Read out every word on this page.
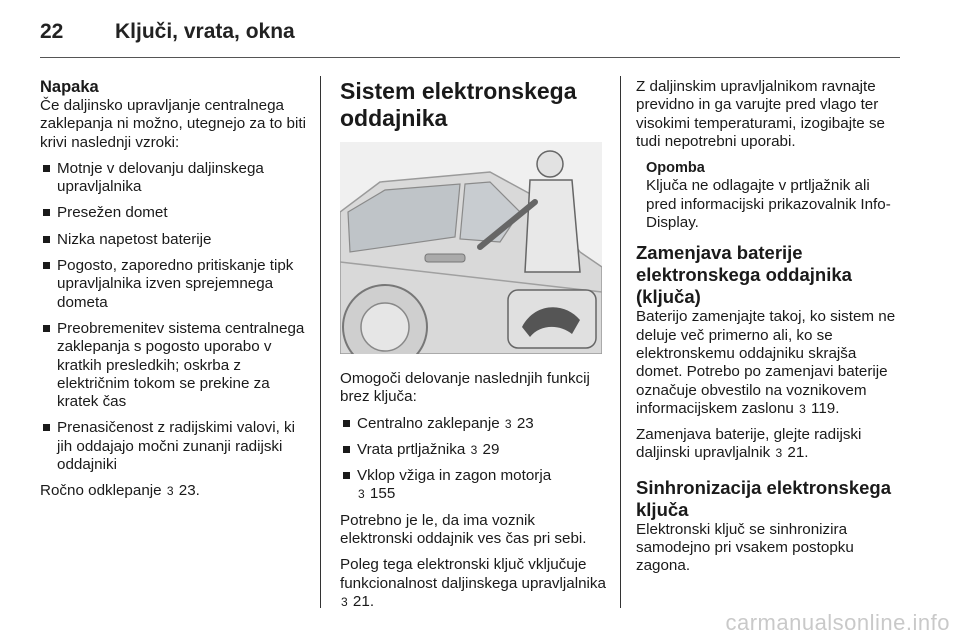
22 Ključi, vrata, okna
Napaka

Če daljinsko upravljanje centralnega zaklepanja ni možno, utegnejo za to biti krivi naslednji vzroki:

Motnje v delovanju daljinskega upravljalnika
Presežen domet
Nizka napetost baterije
Pogosto, zaporedno pritiskanje tipk upravljalnika izven sprejemnega dometa
Preobremenitev sistema centralnega zaklepanja s pogosto uporabo v kratkih presledkih; oskrba z električnim tokom se prekine za kratek čas
Prenasičenost z radijskimi valovi, ki jih oddajajo močni zunanji radijski oddajniki

Ročno odklepanje 3 23.

Sistem elektronskega oddajnika

Omogoči delovanje naslednjih funkcij brez ključa:

Centralno zaklepanje 3 23
Vrata prtljažnika 3 29
Vklop vžiga in zagon motorja
3 155

Potrebno je le, da ima voznik elektronski oddajnik ves čas pri sebi.

Poleg tega elektronski ključ vključuje funkcionalnost daljinskega upravljalnika 3 21.

Z daljinskim upravljalnikom ravnajte previdno in ga varujte pred vlago ter visokimi temperaturami, izogibajte se tudi nepotrebni uporabi.

Opomba
Ključa ne odlagajte v prtljažnik ali pred informacijski prikazovalnik Info-Display.
Zamenjava baterije elektronskega oddajnika (ključa)

Baterijo zamenjajte takoj, ko sistem ne deluje več primerno ali, ko se elektronskemu oddajniku skrajša domet. Potrebo po zamenjavi baterije označuje obvestilo na voznikovem informacijskem zaslonu 3 119.

Zamenjava baterije, glejte radijski daljinski upravljalnik 3 21.

Sinhronizacija elektronskega ključa

Elektronski ključ se sinhronizira samodejno pri vsakem postopku zagona.

carmanualsonline.info
